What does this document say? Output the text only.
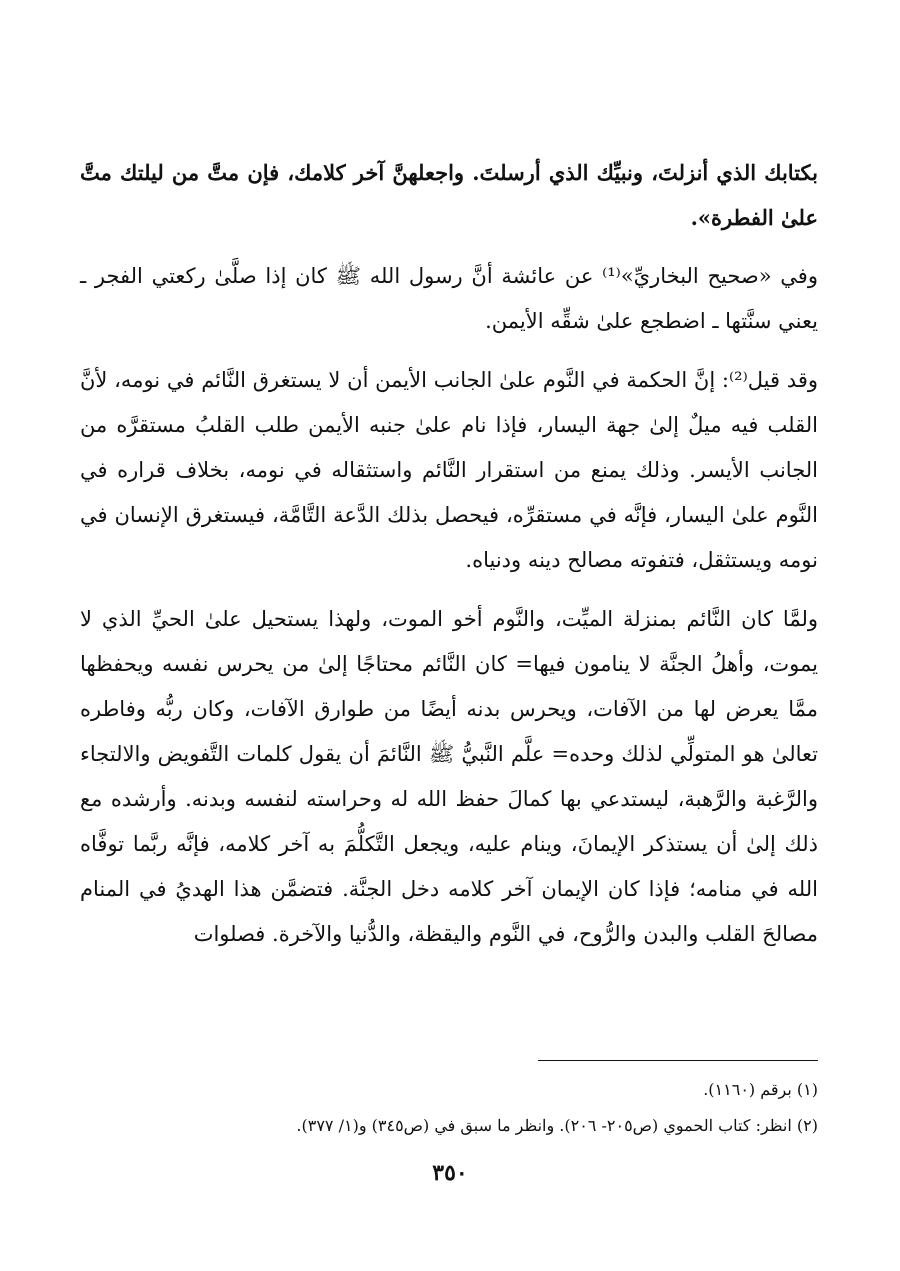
بكتابك الذي أنزلتَ، ونبيِّك الذي أرسلتَ. واجعلهنَّ آخر كلامك، فإن متَّ من ليلتك متَّ علىٰ الفطرة».

وفي «صحيح البخاريِّ»⁽¹⁾ عن عائشة أنَّ رسول الله ﷺ كان إذا صلَّىٰ ركعتي الفجر ـ يعني سنَّتها ـ اضطجع علىٰ شقِّه الأيمن.

وقد قيل⁽²⁾: إنَّ الحكمة في النَّوم علىٰ الجانب الأيمن أن لا يستغرق النَّائم في نومه، لأنَّ القلب فيه ميلٌ إلىٰ جهة اليسار، فإذا نام علىٰ جنبه الأيمن طلب القلبُ مستقرَّه من الجانب الأيسر. وذلك يمنع من استقرار النَّائم واستثقاله في نومه، بخلاف قراره في النَّوم علىٰ اليسار، فإنَّه في مستقرِّه، فيحصل بذلك الدَّعة التَّامَّة، فيستغرق الإنسان في نومه ويستثقل، فتفوته مصالح دينه ودنياه.

ولمَّا كان النَّائم بمنزلة الميِّت، والنَّوم أخو الموت، ولهذا يستحيل علىٰ الحيِّ الذي لا يموت، وأهلُ الجنَّة لا ينامون فيها= كان النَّائم محتاجًا إلىٰ من يحرس نفسه ويحفظها ممَّا يعرض لها من الآفات، ويحرس بدنه أيضًا من طوارق الآفات، وكان ربُّه وفاطره تعالىٰ هو المتولِّي لذلك وحده= علَّم النَّبيُّ ﷺ النَّائمَ أن يقول كلمات التَّفويض والالتجاء والرَّغبة والرَّهبة، ليستدعي بها كمالَ حفظ الله له وحراسته لنفسه وبدنه. وأرشده مع ذلك إلىٰ أن يستذكر الإيمانَ، وينام عليه، ويجعل التَّكلُّمَ به آخر كلامه، فإنَّه ربَّما توفَّاه الله في منامه؛ فإذا كان الإيمان آخر كلامه دخل الجنَّة. فتضمَّن هذا الهديُ في المنام مصالحَ القلب والبدن والرُّوح، في النَّوم واليقظة، والدُّنيا والآخرة. فصلوات

(١) برقم (١١٦٠).

(٢) انظر: كتاب الحموي (ص٢٠٥- ٢٠٦). وانظر ما سبق في (ص٣٤٥) و(١/ ٣٧٧).

٣٥٠
